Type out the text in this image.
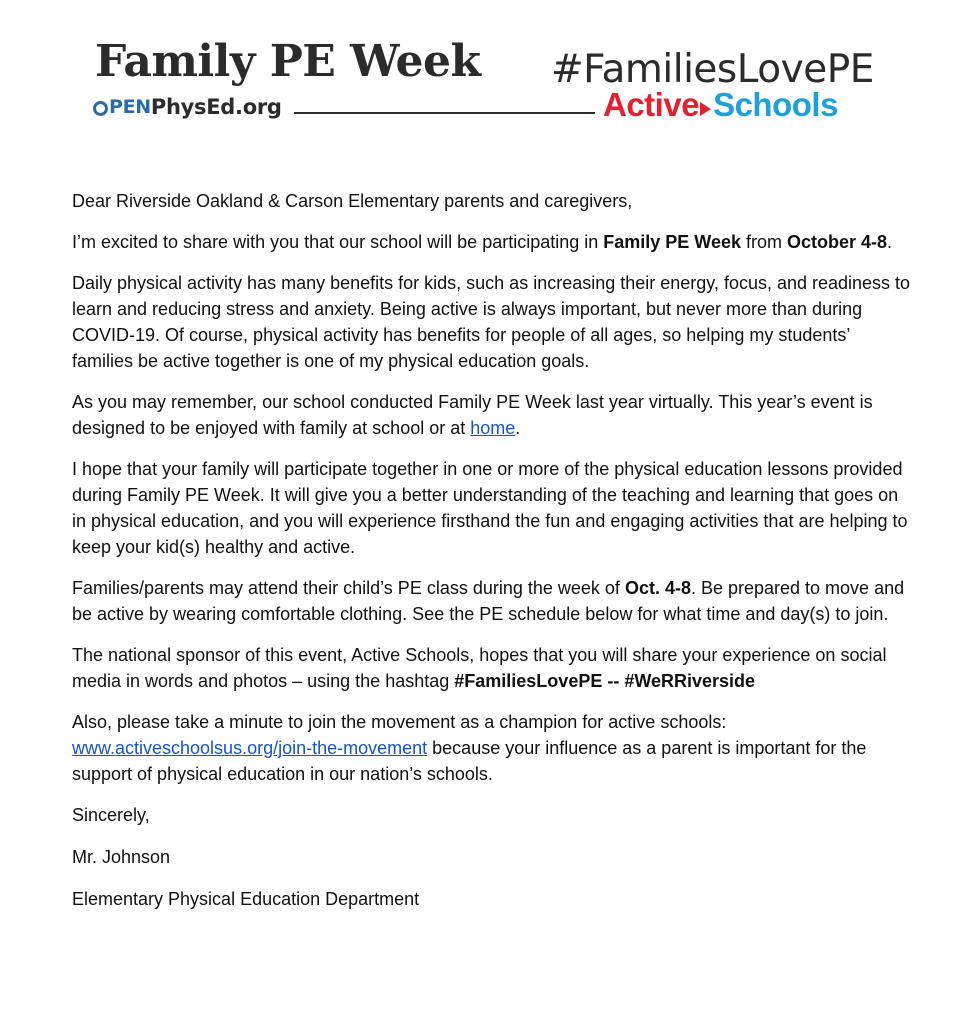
Family PE Week #FamiliesLovePE
PEN PhysEd.org	Active Schools

Dear Riverside Oakland & Carson Elementary parents and caregivers,

I’m excited to share with you that our school will be participating in Family PE Week from October 4-8.

Daily physical activity has many benefits for kids, such as increasing their energy, focus, and readiness to learn and reducing stress and anxiety. Being active is always important, but never more than during COVID-19. Of course, physical activity has benefits for people of all ages, so helping my students’ families be active together is one of my physical education goals.

As you may remember, our school conducted Family PE Week last year virtually. This year’s event is designed to be enjoyed with family at school or at home.

I hope that your family will participate together in one or more of the physical education lessons provided during Family PE Week. It will give you a better understanding of the teaching and learning that goes on in physical education, and you will experience firsthand the fun and engaging activities that are helping to keep your kid(s) healthy and active.

Families/parents may attend their child’s PE class during the week of Oct. 4-8. Be prepared to move and be active by wearing comfortable clothing. See the PE schedule below for what time and day(s) to join.

The national sponsor of this event, Active Schools, hopes that you will share your experience on social media in words and photos – using the hashtag #FamiliesLovePE -- #WeRRiverside

Also, please take a minute to join the movement as a champion for active schools: www.activeschoolsus.org/join-the-movement because your influence as a parent is important for the support of physical education in our nation’s schools.

Sincerely,

Mr. Johnson

Elementary Physical Education Department
